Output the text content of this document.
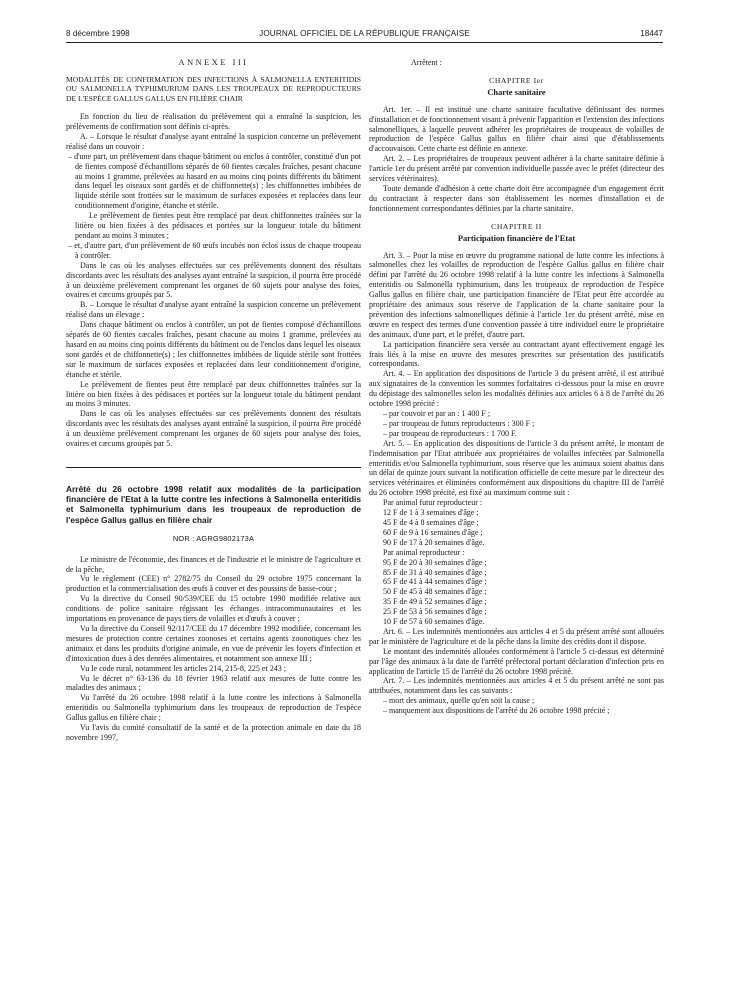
8 décembre 1998	JOURNAL OFFICIEL DE LA RÉPUBLIQUE FRANÇAISE	18447
ANNEXE III

MODALITÉS DE CONFIRMATION DES INFECTIONS À SALMONELLA ENTERITIDIS OU SALMONELLA TYPHIMURIUM DANS LES TROUPEAUX DE REPRODUCTEURS DE L'ESPÈCE GALLUS GALLUS EN FILIÈRE CHAIR

En fonction du lieu de réalisation du prélèvement qui a entraîné la suspicion, les prélèvements de confirmation sont définis ci-après.

A. – Lorsque le résultat d'analyse ayant entraîné la suspicion concerne un prélèvement réalisé dans un couvoir :

– d'une part, un prélèvement dans chaque bâtiment ou enclos à contrôler, constitué d'un pot de fientes composé d'échantillons séparés de 60 fientes cæcales fraîches, pesant chacune au moins 1 gramme, prélevées au hasard en au moins cinq points différents du bâtiment dans lequel les oiseaux sont gardés et de chiffonnette(s) ; les chiffonnettes imbibées de liquide stérile sont frottées sur le maximum de surfaces exposées et replacées dans leur conditionnement d'origine, étanche et stérile.

Le prélèvement de fientes peut être remplacé par deux chiffonnettes traînées sur la litière ou bien fixées à des pédisaces et portées sur la longueur totale du bâtiment pendant au moins 3 minutes ;

– et, d'autre part, d'un prélèvement de 60 œufs incubés non éclos issus de chaque troupeau à contrôler.

Dans le cas où les analyses effectuées sur ces prélèvements donnent des résultats discordants avec les résultats des analyses ayant entraîné la suspicion, il pourra être procédé à un deuxième prélèvement comprenant les organes de 60 sujets pour analyse des foies, ovaires et cæcums groupés par 5.

B. – Lorsque le résultat d'analyse ayant entraîné la suspicion concerne un prélèvement réalisé dans un élevage :

Dans chaque bâtiment ou enclos à contrôler, un pot de fientes composé d'échantillons séparés de 60 fientes cæcales fraîches, pesant chacune au moins 1 gramme, prélevées au hasard en au moins cinq points différents du bâtiment ou de l'enclos dans lequel les oiseaux sont gardés et de chiffonnette(s) ; les chiffonnettes imbibées de liquide stérile sont frottées sur le maximum de surfaces exposées et replacées dans leur conditionnement d'origine, étanche et stérile.

Le prélèvement de fientes peut être remplacé par deux chiffonnettes traînées sur la litière ou bien fixées à des pédisaces et portées sur la longueur totale du bâtiment pendant au moins 3 minutes.

Dans le cas où les analyses effectuées sur ces prélèvements donnent des résultats discordants avec les résultats des analyses ayant entraîné la suspicion, il pourra être procédé à un deuxième prélèvement comprenant les organes de 60 sujets pour analyse des foies, ovaires et cæcums groupés par 5.

Arrêté du 26 octobre 1998 relatif aux modalités de la participation financière de l'Etat à la lutte contre les infections à Salmonella enteritidis et Salmonella typhimurium dans les troupeaux de reproduction de l'espèce Gallus gallus en filière chair

NOR : AGRG9802173A

Le ministre de l'économie, des finances et de l'industrie et le ministre de l'agriculture et de la pêche,

Vu le règlement (CEE) n° 2782/75 du Conseil du 29 octobre 1975 concernant la production et la commercialisation des œufs à couver et des poussins de basse-cour ;

Vu la directive du Conseil 90/539/CEE du 15 octobre 1990 modifiée relative aux conditions de police sanitaire régissant les échanges intracommunautaires et les importations en provenance de pays tiers de volailles et d'œufs à couver ;

Vu la directive du Conseil 92/117/CEE du 17 décembre 1992 modifiée, concernant les mesures de protection contre certaines zoonoses et certains agents zoonotiques chez les animaux et dans les produits d'origine animale, en vue de prévenir les foyers d'infection et d'intoxication dues à des denrées alimentaires, et notamment son annexe III ;

Vu le code rural, notamment les articles 214, 215-8, 225 et 243 ;

Vu le décret n° 63-136 du 18 février 1963 relatif aux mesures de lutte contre les maladies des animaux ;

Vu l'arrêté du 26 octobre 1998 relatif à la lutte contre les infections à Salmonella enteritidis ou Salmonella typhimurium dans les troupeaux de reproduction de l'espèce Gallus gallus en filière chair ;

Vu l'avis du comité consultatif de la santé et de la protection animale en date du 18 novembre 1997,

Arrêtent :

CHAPITRE Ier
Charte sanitaire

Art. 1er. – Il est institué une charte sanitaire facultative définissant des normes d'installation et de fonctionnement visant à prévenir l'apparition et l'extension des infections salmonelliques, à laquelle peuvent adhérer les propriétaires de troupeaux de volailles de reproduction de l'espèce Gallus gallus en filière chair ainsi que d'établissements d'accouvaison. Cette charte est définie en annexe.

Art. 2. – Les propriétaires de troupeaux peuvent adhérer à la charte sanitaire définie à l'article 1er du présent arrêté par convention individuelle passée avec le préfet (directeur des services vétérinaires).

Toute demande d'adhésion à cette charte doit être accompagnée d'un engagement écrit du contractant à respecter dans son établissement les normes d'installation et de fonctionnement correspondantes définies par la charte sanitaire.

CHAPITRE II
Participation financière de l'Etat

Art. 3. – Pour la mise en œuvre du programme national de lutte contre les infections à salmonelles chez les volailles de reproduction de l'espèce Gallus gallus en filière chair défini par l'arrêté du 26 octobre 1998 relatif à la lutte contre les infections à Salmonella enteritidis ou Salmonella typhimurium, dans les troupeaux de reproduction de l'espèce Gallus gallus en filière chair, une participation financière de l'Etat peut être accordée au propriétaire des animaux sous réserve de l'application de la charte sanitaire pour la prévention des infections salmonelliques définie à l'article 1er du présent arrêté, mise en œuvre en respect des termes d'une convention passée à titre individuel entre le propriétaire des animaux, d'une part, et le préfet, d'autre part.

La participation financière sera versée au contractant ayant effectivement engagé les frais liés à la mise en œuvre des mesures prescrites sur présentation des justificatifs correspondants.

Art. 4. – En application des dispositions de l'article 3 du présent arrêté, il est attribué aux signataires de la convention les sommes forfaitaires ci-dessous pour la mise en œuvre du dépistage des salmonelles selon les modalités définies aux articles 6 à 8 de l'arrêté du 26 octobre 1998 précité :

– par couvoir et par an : 1 400 F ;
– par troupeau de futurs reproducteurs : 300 F ;
– par troupeau de reproducteurs : 1 700 F.

Art. 5. – En application des dispositions de l'article 3 du présent arrêté, le montant de l'indemnisation par l'Etat attribuée aux propriétaires de volailles infectées par Salmonella enteritidis et/ou Salmonella typhimurium, sous réserve que les animaux soient abattus dans un délai de quinze jours suivant la notification officielle de cette mesure par le directeur des services vétérinaires et éliminées conformément aux dispositions du chapitre III de l'arrêté du 26 octobre 1998 précité, est fixé au maximum comme suit :

Par animal futur reproducteur :

12 F de 1 à 3 semaines d'âge ;
45 F de 4 à 8 semaines d'âge ;
60 F de 9 à 16 semaines d'âge ;
90 F de 17 à 20 semaines d'âge.

Par animal reproducteur :

95 F de 20 à 30 semaines d'âge ;
85 F de 31 à 40 semaines d'âge ;
65 F de 41 à 44 semaines d'âge ;
50 F de 45 à 48 semaines d'âge ;
35 F de 49 à 52 semaines d'âge ;
25 F de 53 à 56 semaines d'âge ;
10 F de 57 à 60 semaines d'âge.

Art. 6. – Les indemnités mentionnées aux articles 4 et 5 du présent arrêté sont allouées par le ministère de l'agriculture et de la pêche dans la limite des crédits dont il dispose.

Le montant des indemnités allouées conformément à l'article 5 ci-dessus est déterminé par l'âge des animaux à la date de l'arrêté préfectoral portant déclaration d'infection pris en application de l'article 15 de l'arrêté du 26 octobre 1998 précité.

Art. 7. – Les indemnités mentionnées aux articles 4 et 5 du présent arrêté ne sont pas attribuées, notamment dans les cas suivants :

– mort des animaux, quelle qu'en soit la cause ;
– manquement aux dispositions de l'arrêté du 26 octobre 1998 précité ;
